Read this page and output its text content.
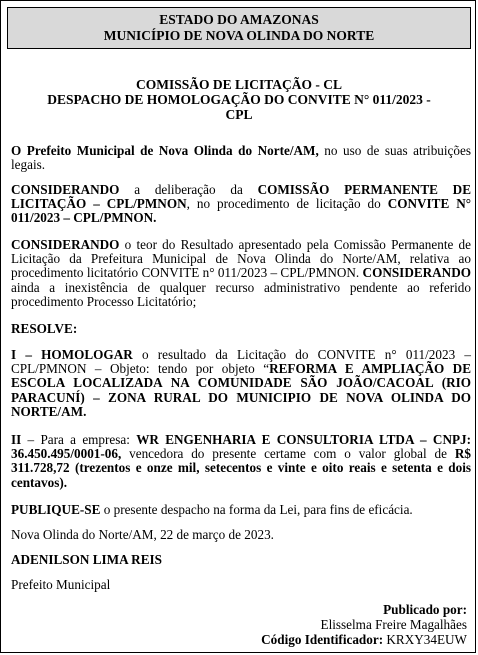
ESTADO DO AMAZONAS
MUNICÍPIO DE NOVA OLINDA DO NORTE
COMISSÃO DE LICITAÇÃO - CL
DESPACHO DE HOMOLOGAÇÃO DO CONVITE N° 011/2023 -
CPL
O Prefeito Municipal de Nova Olinda do Norte/AM, no uso de suas atribuições legais.
CONSIDERANDO a deliberação da COMISSÃO PERMANENTE DE LICITAÇÃO – CPL/PMNON, no procedimento de licitação do CONVITE N° 011/2023 – CPL/PMNON.
CONSIDERANDO o teor do Resultado apresentado pela Comissão Permanente de Licitação da Prefeitura Municipal de Nova Olinda do Norte/AM, relativa ao procedimento licitatório CONVITE n° 011/2023 – CPL/PMNON. CONSIDERANDO ainda a inexistência de qualquer recurso administrativo pendente ao referido procedimento Processo Licitatório;
RESOLVE:
I – HOMOLOGAR o resultado da Licitação do CONVITE n° 011/2023 – CPL/PMNON – Objeto: tendo por objeto “REFORMA E AMPLIAÇÃO DE ESCOLA LOCALIZADA NA COMUNIDADE SÃO JOÃO/CACOAL (RIO PARACUNÍ) – ZONA RURAL DO MUNICIPIO DE NOVA OLINDA DO NORTE/AM.
II – Para a empresa: WR ENGENHARIA E CONSULTORIA LTDA – CNPJ: 36.450.495/0001-06, vencedora do presente certame com o valor global de R$ 311.728,72 (trezentos e onze mil, setecentos e vinte e oito reais e setenta e dois centavos).
PUBLIQUE-SE o presente despacho na forma da Lei, para fins de eficácia.
Nova Olinda do Norte/AM, 22 de março de 2023.
ADENILSON LIMA REIS
Prefeito Municipal
Publicado por:
Elisselma Freire Magalhães
Código Identificador: KRXY34EUW
